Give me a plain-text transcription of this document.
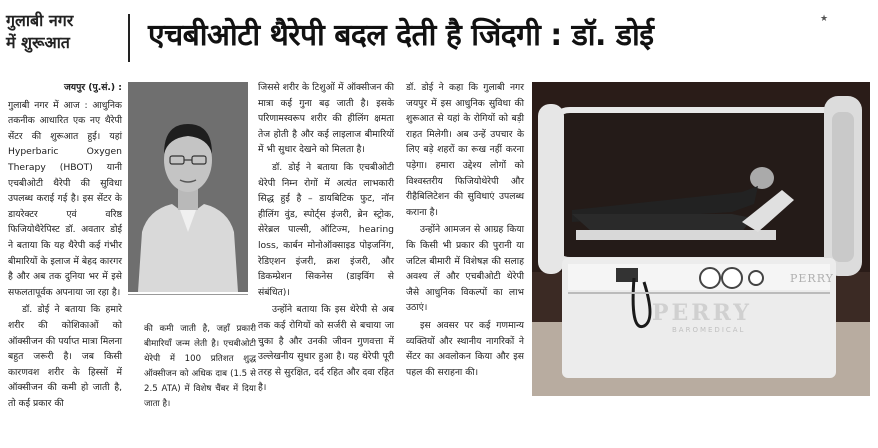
गुलाबी नगर
में शुरूआत	एचबीओटी थैरेपी बदल देती है जिंदगी : डॉ. डोई	★

जयपुर (पु.सं.) :

गुलाबी नगर में आज : आधुनिक तकनीक आधारित एक नए थैरेपी सेंटर की शुरूआत हुई। यहां Hyperbaric Oxygen Therapy (HBOT) यानी एचबीओटी थैरेपी की सुविधा उपलब्ध कराई गई है। इस सेंटर के डायरेक्टर एवं वरिष्ठ फिजियोथैरेपिस्ट डॉ. अवतार डोई ने बताया कि यह थैरेपी कई गंभीर बीमारियों के इलाज में बेहद कारगर है और अब तक दुनिया भर में इसे सफलतापूर्वक अपनाया जा रहा है।

डॉ. डोई ने बताया कि हमारे शरीर की कोशिकाओं को ऑक्सीजन की पर्याप्त मात्रा मिलना बहुत जरूरी है। जब किसी कारणवश शरीर के हिस्सों में ऑक्सीजन की कमी हो जाती है, तो कई प्रकार की

की कमी जाती है, जहाँ प्रकारी बीमारियाँ जन्म लेती है। एचबीओटी थेरेपी में 100 प्रतिशत शुद्ध ऑक्सीजन को अधिक दाब (1.5 से 2.5 ATA) में विशेष चैंबर में दिया जाता है।

जिससे शरीर के टिशुओं में ऑक्सीजन की मात्रा कई गुना बढ़ जाती है। इसके परिणामस्वरूप शरीर की हीलिंग क्षमता तेज होती है और कई लाइलाज बीमारियों में भी सुधार देखने को मिलता है।

डॉ. डोई ने बताया कि एचबीओटी थेरेपी निम्न रोगों में अत्यंत लाभकारी सिद्ध हुई है – डायबिटिक फुट, नॉन हीलिंग वुंड, स्पोर्ट्स इंजरी, ब्रेन स्ट्रोक, सेरेब्रल पाल्सी, ऑटिज्म, hearing loss, कार्बन मोनोऑक्साइड पोइजनिंग, रेडिएशन इंजरी, क्रश इंजरी, और डिकम्प्रेशन सिकनेस (डाइविंग से संबंधित)।

उन्होंने बताया कि इस थेरेपी से अब तक कई रोगियों को सर्जरी से बचाया जा चुका है और उनकी जीवन गुणवत्ता में उल्लेखनीय सुधार हुआ है। यह थेरेपी पूरी तरह से सुरक्षित, दर्द रहित और दवा रहित है।

डॉ. डोई ने कहा कि गुलाबी नगर जयपुर में इस आधुनिक सुविधा की शुरूआत से यहां के रोगियों को बड़ी राहत मिलेगी। अब उन्हें उपचार के लिए बड़े शहरों का रूख नहीं करना पड़ेगा। हमारा उद्देश्य लोगों को विश्वस्तरीय फिजियोथेरेपी और रीहैबिलिटेशन की सुविधाएं उपलब्ध कराना है।

उन्होंने आमजन से आग्रह किया कि किसी भी प्रकार की पुरानी या जटिल बीमारी में विशेषज्ञ की सलाह अवश्य लें और एचबीओटी थेरेपी जैसे आधुनिक विकल्पों का लाभ उठाएं।

इस अवसर पर कई गणमान्य व्यक्तियों और स्थानीय नागरिकों ने सेंटर का अवलोकन किया और इस पहल की सराहना की।

PERRY
BAROMEDICAL
PERRY
